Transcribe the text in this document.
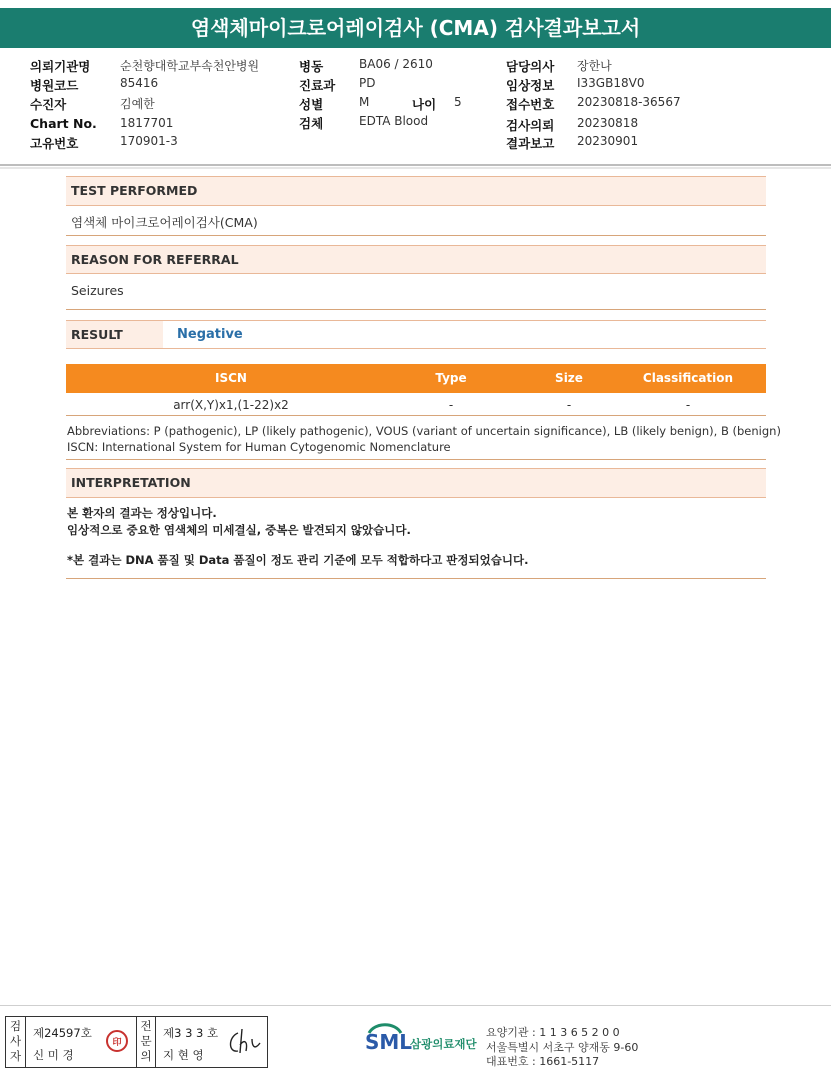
염색체마이크로어레이검사 (CMA) 검사결과보고서
의뢰기관명 순천향대학교부속천안병원
병원코드	85416
수진자	김예한
Chart No. 1817701
고유번호	170901-3
병동	BA06 / 2610
진료과 PD
성별	M	나이 5
검체	EDTA Blood
담당의사 장한나
임상정보 I33GB18V0
접수번호 20230818-36567
검사의뢰 20230818
결과보고 20230901
TEST PERFORMED
염색체 마이크로어레이검사(CMA)
REASON FOR REFERRAL
Seizures
RESULT	Negative
ISCN	Type	Size	Classification
arr(X,Y)x1,(1-22)x2	-	-	-
Abbreviations: P (pathogenic), LP (likely pathogenic), VOUS (variant of uncertain significance), LB (likely benign), B (benign)
ISCN: International System for Human Cytogenomic Nomenclature
INTERPRETATION
본 환자의 결과는 정상입니다.
임상적으로 중요한 염색체의 미세결실, 중복은 발견되지 않았습니다.
*본 결과는 DNA 품질 및 Data 품질이 정도 관리 기준에 모두 적합하다고 판정되었습니다.
검사자
제24597호
신 미 경
印
전문의
제3 3 3 호
지 현 영
SML
삼광의료재단
요양기관 : 1 1 3 6 5 2 0 0
서울특별시 서초구 양재동 9-60
대표번호 : 1661-5117
